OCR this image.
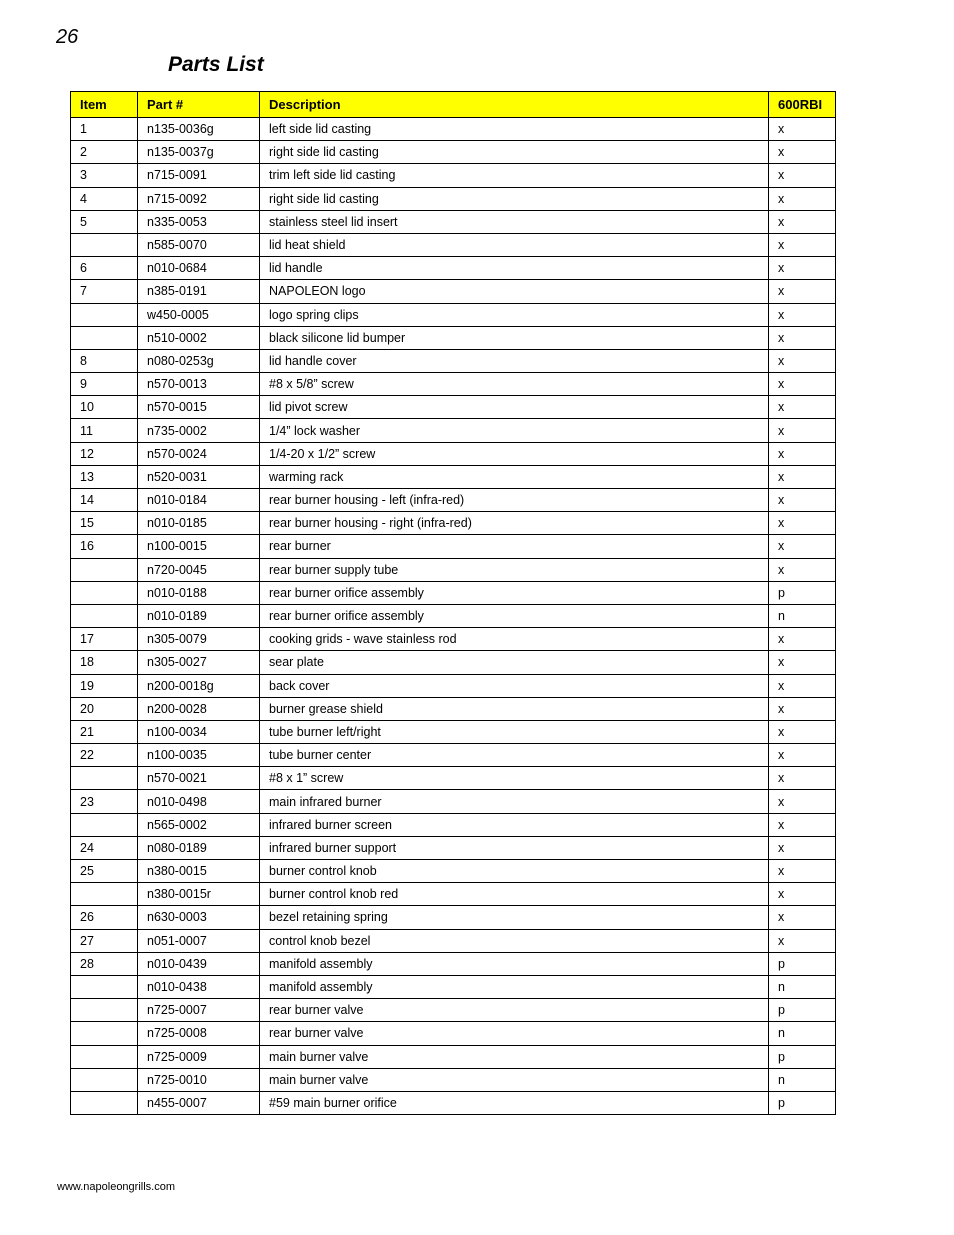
26
Parts List
Item	Part #	Description	600RBI
1	n135-0036g	left side lid casting	x
2	n135-0037g	right side lid casting	x
3	n715-0091	trim left side lid casting	x
4	n715-0092	right side lid casting	x
5	n335-0053	stainless steel lid insert	x
	n585-0070	lid heat shield	x
6	n010-0684	lid handle	x
7	n385-0191	NAPOLEON logo	x
	w450-0005	logo spring clips	x
	n510-0002	black silicone lid bumper	x
8	n080-0253g	lid handle cover	x
9	n570-0013	#8 x 5/8” screw	x
10	n570-0015	lid pivot screw	x
11	n735-0002	1/4” lock washer	x
12	n570-0024	1/4-20 x 1/2” screw	x
13	n520-0031	warming rack	x
14	n010-0184	rear burner housing - left (infra-red)	x
15	n010-0185	rear burner housing - right (infra-red)	x
16	n100-0015	rear burner	x
	n720-0045	rear burner supply tube	x
	n010-0188	rear burner orifice assembly	p
	n010-0189	rear burner orifice assembly	n
17	n305-0079	cooking grids - wave stainless rod	x
18	n305-0027	sear plate	x
19	n200-0018g	back cover	x
20	n200-0028	burner grease shield	x
21	n100-0034	tube burner left/right	x
22	n100-0035	tube burner center	x
	n570-0021	#8 x 1” screw	x
23	n010-0498	main infrared burner	x
	n565-0002	infrared burner screen	x
24	n080-0189	infrared burner support	x
25	n380-0015	burner control knob	x
	n380-0015r	burner control knob red	x
26	n630-0003	bezel retaining spring	x
27	n051-0007	control knob bezel	x
28	n010-0439	manifold assembly	p
	n010-0438	manifold assembly	n
	n725-0007	rear burner valve	p
	n725-0008	rear burner valve	n
	n725-0009	main burner valve	p
	n725-0010	main burner valve	n
	n455-0007	#59 main burner orifice	p
www.napoleongrills.com
